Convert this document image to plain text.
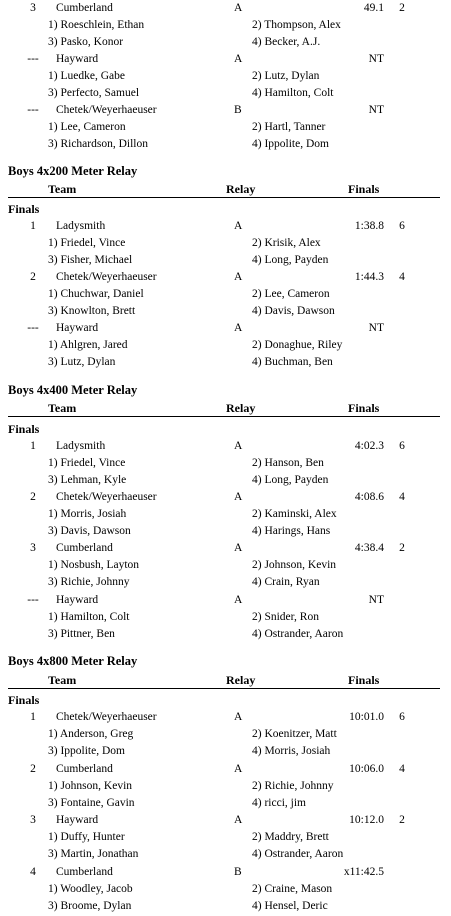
3	Cumberland	A	49.1	2
1) Roeschlein, Ethan	2) Thompson, Alex
3) Pasko, Konor	4) Becker, A.J.
--- Hayward	A	NT
1) Luedke, Gabe	2) Lutz, Dylan
3) Perfecto, Samuel	4) Hamilton, Colt
--- Chetek/Weyerhaeuser	B	NT
1) Lee, Cameron	2) Hartl, Tanner
3) Richardson, Dillon	4) Ippolite, Dom
Boys 4x200 Meter Relay
Team	Relay	Finals
Finals
1	Ladysmith	A	1:38.8	6
1) Friedel, Vince	2) Krisik, Alex
3) Fisher, Michael	4) Long, Payden
2	Chetek/Weyerhaeuser	A	1:44.3	4
1) Chuchwar, Daniel	2) Lee, Cameron
3) Knowlton, Brett	4) Davis, Dawson
--- Hayward	A	NT
1) Ahlgren, Jared	2) Donaghue, Riley
3) Lutz, Dylan	4) Buchman, Ben
Boys 4x400 Meter Relay
Team	Relay	Finals
Finals
1	Ladysmith	A	4:02.3	6
1) Friedel, Vince	2) Hanson, Ben
3) Lehman, Kyle	4) Long, Payden
2	Chetek/Weyerhaeuser	A	4:08.6	4
1) Morris, Josiah	2) Kaminski, Alex
3) Davis, Dawson	4) Harings, Hans
3	Cumberland	A	4:38.4	2
1) Nosbush, Layton	2) Johnson, Kevin
3) Richie, Johnny	4) Crain, Ryan
--- Hayward	A	NT
1) Hamilton, Colt	2) Snider, Ron
3) Pittner, Ben	4) Ostrander, Aaron
Boys 4x800 Meter Relay
Team	Relay	Finals
Finals
1	Chetek/Weyerhaeuser	A	10:01.0	6
1) Anderson, Greg	2) Koenitzer, Matt
3) Ippolite, Dom	4) Morris, Josiah
2	Cumberland	A	10:06.0	4
1) Johnson, Kevin	2) Richie, Johnny
3) Fontaine, Gavin	4) ricci, jim
3	Hayward	A	10:12.0	2
1) Duffy, Hunter	2) Maddry, Brett
3) Martin, Jonathan	4) Ostrander, Aaron
4	Cumberland	B	x11:42.5
1) Woodley, Jacob	2) Craine, Mason
3) Broome, Dylan	4) Hensel, Deric
